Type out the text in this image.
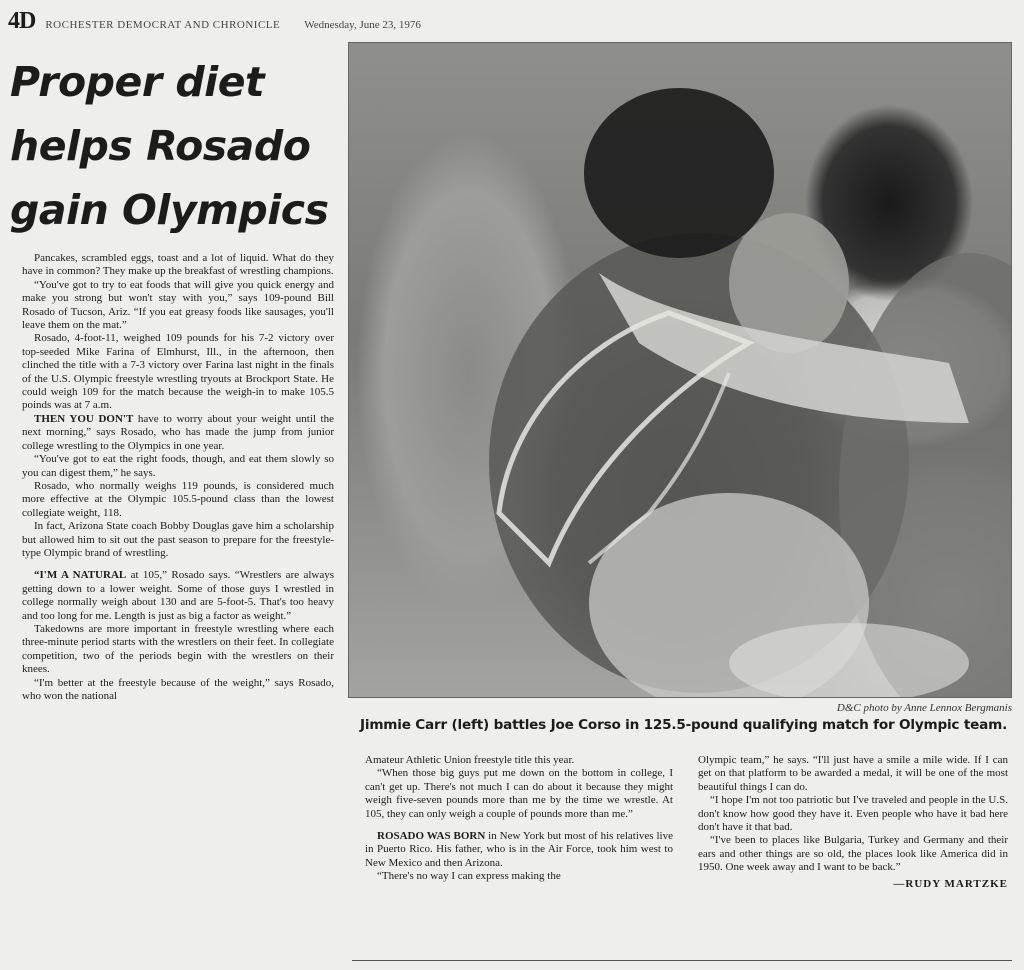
4D ROCHESTER DEMOCRAT AND CHRONICLE Wednesday, June 23, 1976
Proper diet
helps Rosado
gain Olympics

Pancakes, scrambled eggs, toast and a lot of liquid. What do they have in common? They make up the breakfast of wrestling champions.

“You've got to try to eat foods that will give you quick energy and make you strong but won't stay with you,” says 109-pound Bill Rosado of Tucson, Ariz. “If you eat greasy foods like sausages, you'll leave them on the mat.”

Rosado, 4-foot-11, weighed 109 pounds for his 7-2 victory over top-seeded Mike Farina of Elmhurst, Ill., in the afternoon, then clinched the title with a 7-3 victory over Farina last night in the finals of the U.S. Olympic freestyle wrestling tryouts at Brockport State. He could weigh 109 for the match because the weigh-in to make 105.5 poinds was at 7 a.m.

THEN YOU DON'T have to worry about your weight until the next morning,” says Rosado, who has made the jump from junior college wrestling to the Olympics in one year.

“You've got to eat the right foods, though, and eat them slowly so you can digest them,” he says.

Rosado, who normally weighs 119 pounds, is considered much more effective at the Olympic 105.5-pound class than the lowest collegiate weight, 118.

In fact, Arizona State coach Bobby Douglas gave him a scholarship but allowed him to sit out the past season to prepare for the freestyle-type Olympic brand of wrestling.

“I'M A NATURAL at 105,” Rosado says. “Wrestlers are always getting down to a lower weight. Some of those guys I wrestled in college normally weigh about 130 and are 5-foot-5. That's too heavy and too long for me. Length is just as big a factor as weight.”

Takedowns are more important in freestyle wrestling where each three-minute period starts with the wrestlers on their feet. In collegiate competition, two of the periods begin with the wrestlers on their knees.

“I'm better at the freestyle because of the weight,” says Rosado, who won the national

D&C photo by Anne Lennox Bergmanis
Jimmie Carr (left) battles Joe Corso in 125.5-pound qualifying match for Olympic team.

Amateur Athletic Union freestyle title this year.

“When those big guys put me down on the bottom in college, I can't get up. There's not much I can do about it because they might weigh five-seven pounds more than me by the time we wrestle. At 105, they can only weigh a couple of pounds more than me.”

ROSADO WAS BORN in New York but most of his relatives live in Puerto Rico. His father, who is in the Air Force, took him west to New Mexico and then Arizona.

“There's no way I can express making the

Olympic team,” he says. “I'll just have a smile a mile wide. If I can get on that platform to be awarded a medal, it will be one of the most beautiful things I can do.

“I hope I'm not too patriotic but I've traveled and people in the U.S. don't know how good they have it. Even people who have it bad here don't have it that bad.

“I've been to places like Bulgaria, Turkey and Germany and their ears and other things are so old, the places look like America did in 1950. One week away and I want to be back.”

—RUDY MARTZKE
